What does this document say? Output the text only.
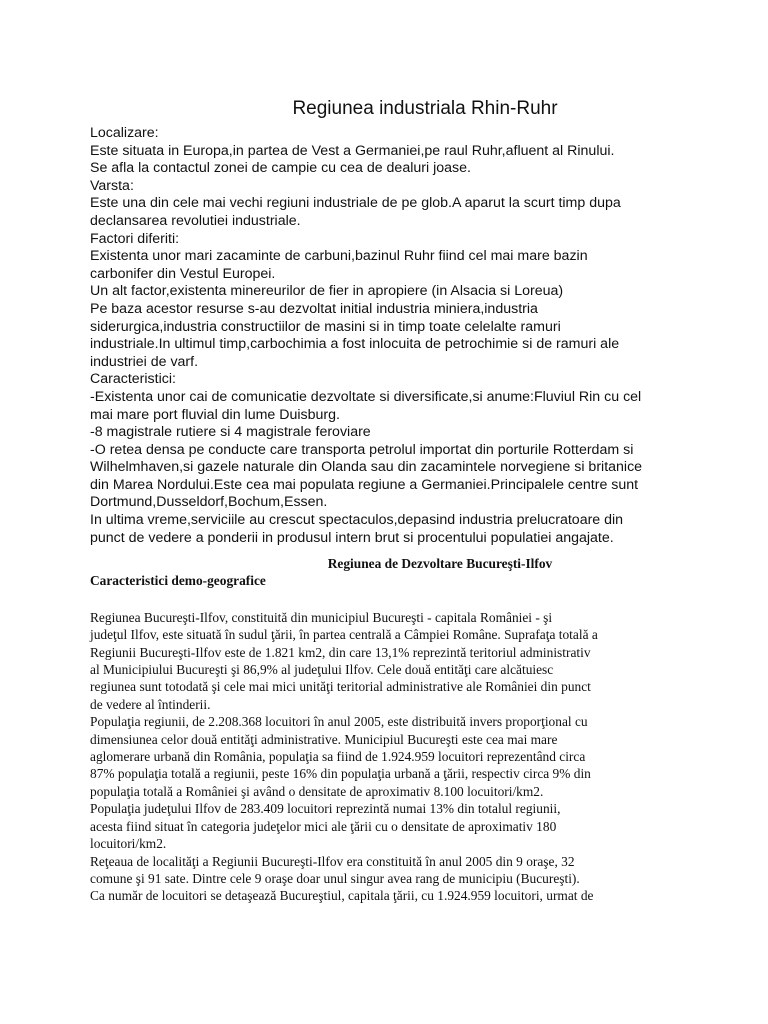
Regiunea industriala Rhin-Ruhr

Localizare:

Este situata in Europa,in partea de Vest a Germaniei,pe raul Ruhr,afluent al Rinului.

Se afla la contactul zonei de campie cu cea de dealuri joase.

Varsta:

Este una din cele mai vechi regiuni industriale de pe glob.A aparut la scurt timp dupa

declansarea revolutiei industriale.

Factori diferiti:

Existenta unor mari zacaminte de carbuni,bazinul Ruhr fiind cel mai mare bazin

carbonifer din Vestul Europei.

Un alt factor,existenta minereurilor de fier in apropiere (in Alsacia si Loreua)

Pe baza acestor resurse s-au dezvoltat initial industria miniera,industria

siderurgica,industria constructiilor de masini si in timp toate celelalte ramuri

industriale.In ultimul timp,carbochimia a fost inlocuita de petrochimie si de ramuri ale

industriei de varf.

Caracteristici:

-Existenta unor cai de comunicatie dezvoltate si diversificate,si anume:Fluviul Rin cu cel

mai mare port fluvial din lume Duisburg.

-8 magistrale rutiere si 4 magistrale feroviare

-O retea densa pe conducte care transporta petrolul importat din porturile Rotterdam si

Wilhelmhaven,si gazele naturale din Olanda sau din zacamintele norvegiene si britanice

din Marea Nordului.Este cea mai populata regiune a Germaniei.Principalele centre sunt

Dortmund,Dusseldorf,Bochum,Essen.

In ultima vreme,serviciile au crescut spectaculos,depasind industria prelucratoare din

punct de vedere a ponderii in produsul intern brut si procentului populatiei angajate.

Regiunea de Dezvoltare Bucureşti-Ilfov
Caracteristici demo-geografice

Regiunea Bucureşti-Ilfov, constituită din municipiul Bucureşti - capitala României - şi

judeţul Ilfov, este situată în sudul ţării, în partea centrală a Câmpiei Române. Suprafaţa totală a

Regiunii Bucureşti-Ilfov este de 1.821 km2, din care 13,1% reprezintă teritoriul administrativ

al Municipiului Bucureşti şi 86,9% al judeţului Ilfov. Cele două entităţi care alcătuiesc

regiunea sunt totodată şi cele mai mici unităţi teritorial administrative ale României din punct

de vedere al întinderii.

Populaţia regiunii, de 2.208.368 locuitori în anul 2005, este distribuită invers proporţional cu

dimensiunea celor două entităţi administrative. Municipiul Bucureşti este cea mai mare

aglomerare urbană din România, populaţia sa fiind de 1.924.959 locuitori reprezentând circa

87% populaţia totală a regiunii, peste 16% din populaţia urbană a ţării, respectiv circa 9% din

populaţia totală a României şi având o densitate de aproximativ 8.100 locuitori/km2.

Populaţia judeţului Ilfov de 283.409 locuitori reprezintă numai 13% din totalul regiunii,

acesta fiind situat în categoria judeţelor mici ale ţării cu o densitate de aproximativ 180

locuitori/km2.

Reţeaua de localităţi a Regiunii Bucureşti-Ilfov era constituită în anul 2005 din 9 oraşe, 32

comune şi 91 sate. Dintre cele 9 oraşe doar unul singur avea rang de municipiu (Bucureşti).

Ca număr de locuitori se detaşează Bucureştiul, capitala ţării, cu 1.924.959 locuitori, urmat de
